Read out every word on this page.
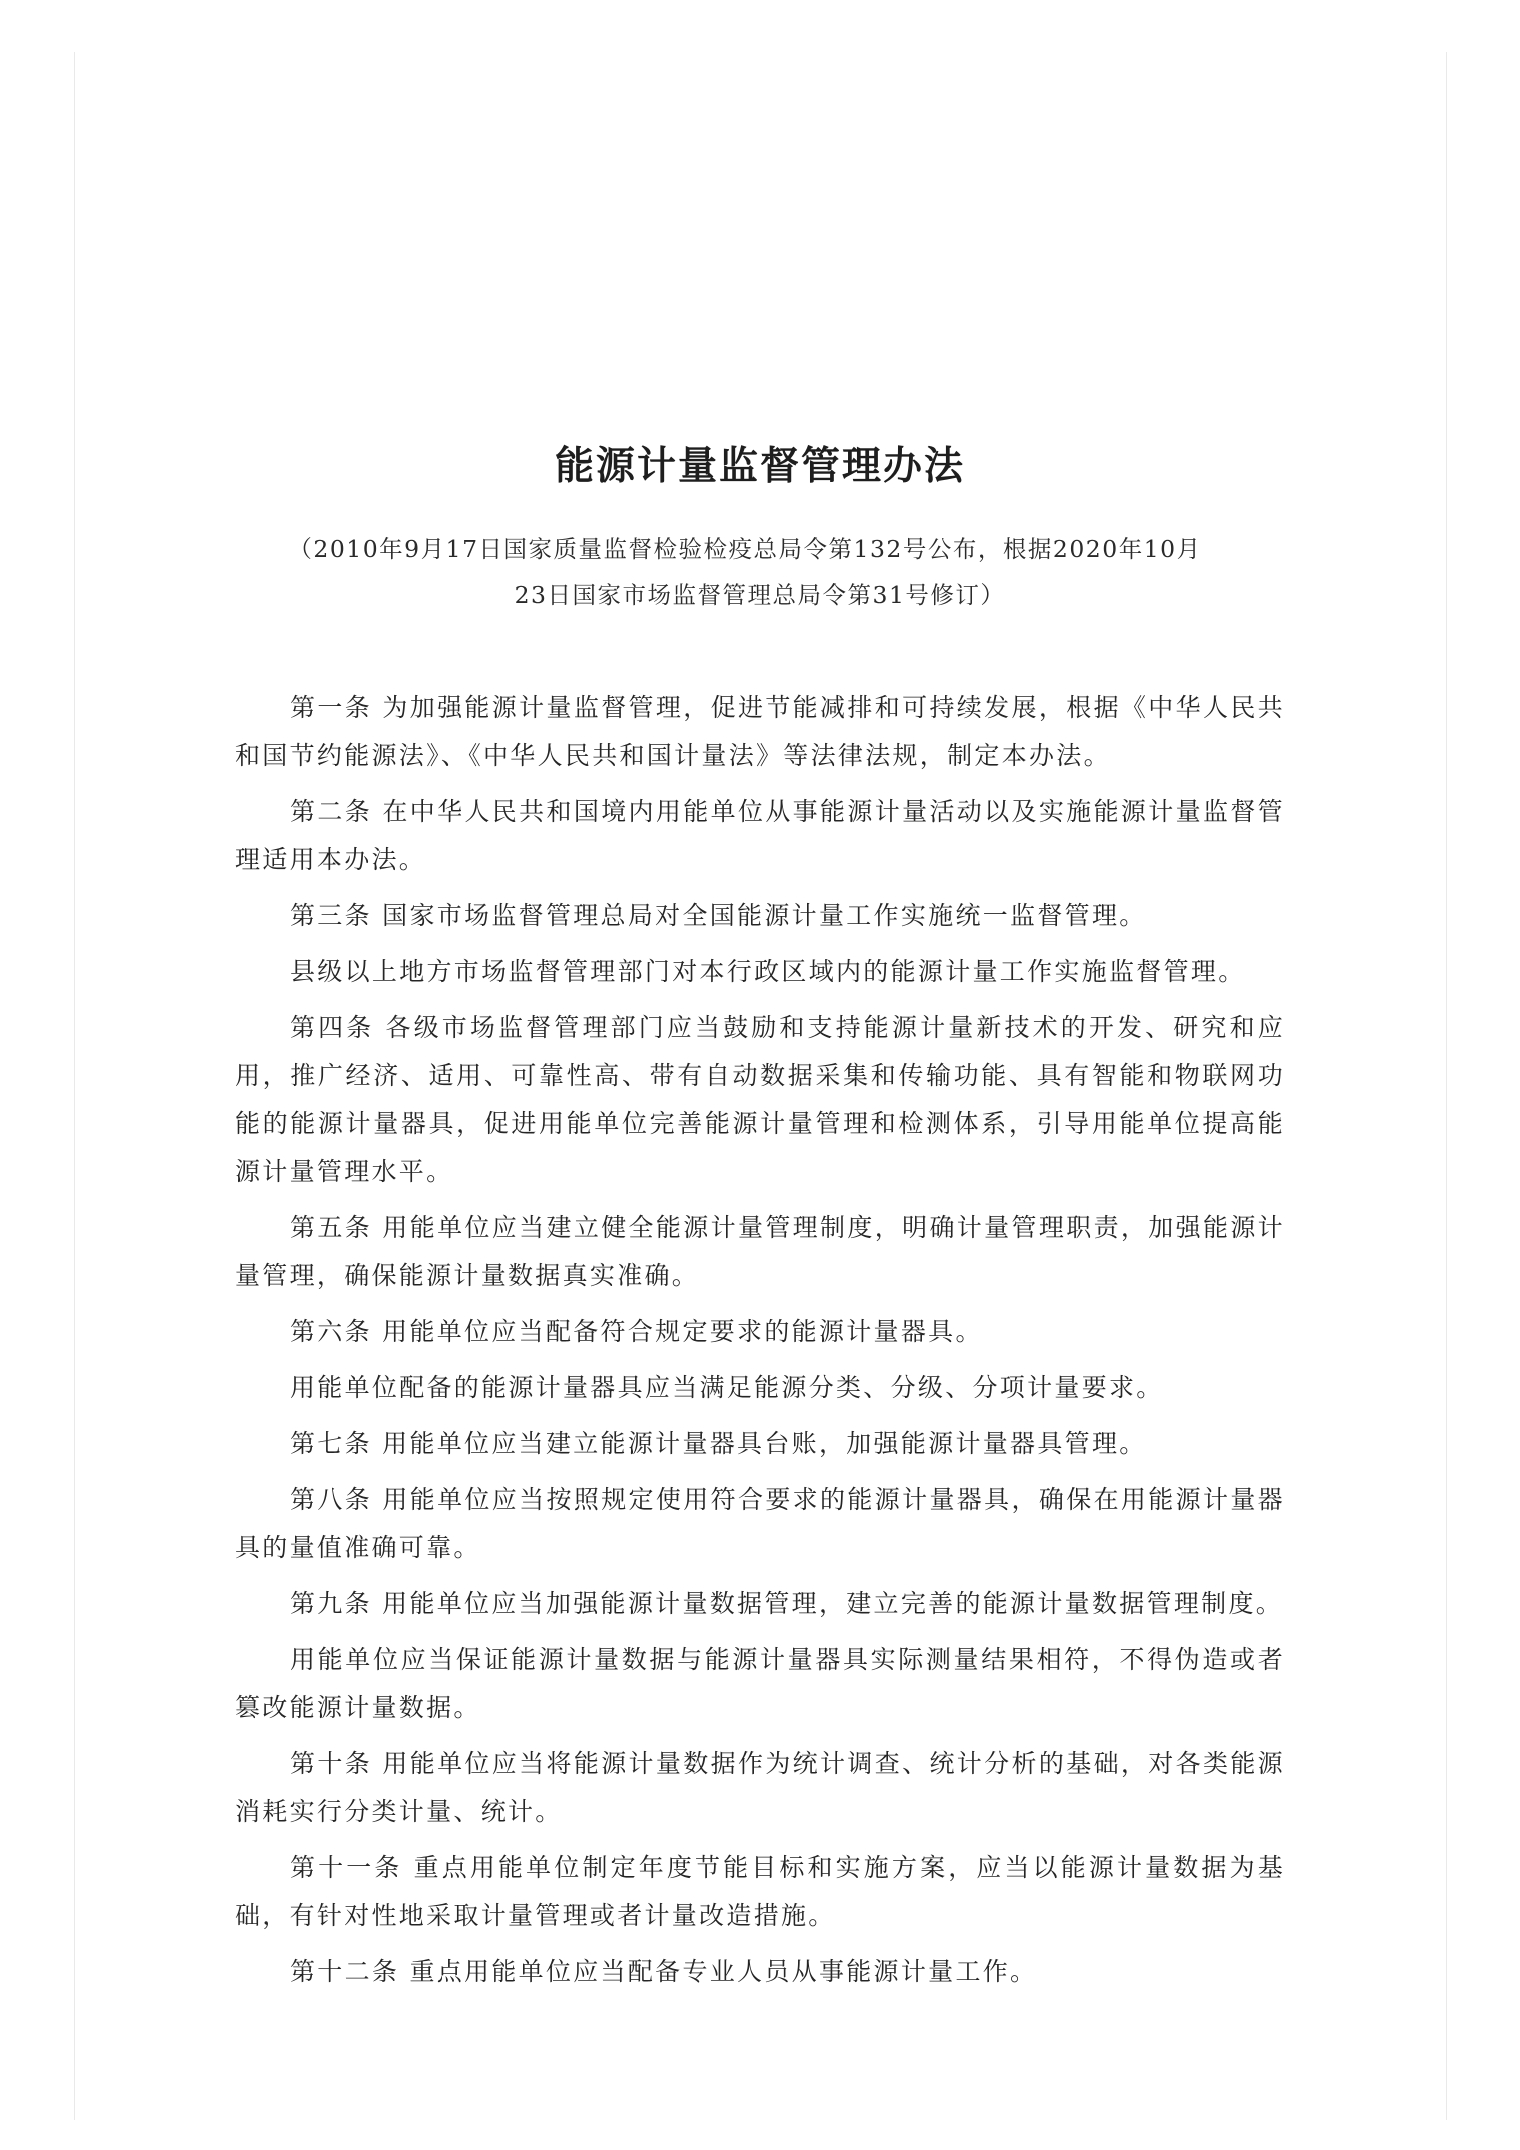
能源计量监督管理办法
（2010年9月17日国家质量监督检验检疫总局令第132号公布，根据2020年10月
23日国家市场监督管理总局令第31号修订）

第一条 为加强能源计量监督管理，促进节能减排和可持续发展，根据《中华人民共和国节约能源法》、《中华人民共和国计量法》等法律法规，制定本办法。

第二条 在中华人民共和国境内用能单位从事能源计量活动以及实施能源计量监督管理适用本办法。

第三条 国家市场监督管理总局对全国能源计量工作实施统一监督管理。

县级以上地方市场监督管理部门对本行政区域内的能源计量工作实施监督管理。

第四条 各级市场监督管理部门应当鼓励和支持能源计量新技术的开发、研究和应用，推广经济、适用、可靠性高、带有自动数据采集和传输功能、具有智能和物联网功能的能源计量器具，促进用能单位完善能源计量管理和检测体系，引导用能单位提高能源计量管理水平。

第五条 用能单位应当建立健全能源计量管理制度，明确计量管理职责，加强能源计量管理，确保能源计量数据真实准确。

第六条 用能单位应当配备符合规定要求的能源计量器具。

用能单位配备的能源计量器具应当满足能源分类、分级、分项计量要求。

第七条 用能单位应当建立能源计量器具台账，加强能源计量器具管理。

第八条 用能单位应当按照规定使用符合要求的能源计量器具，确保在用能源计量器具的量值准确可靠。

第九条 用能单位应当加强能源计量数据管理，建立完善的能源计量数据管理制度。

用能单位应当保证能源计量数据与能源计量器具实际测量结果相符，不得伪造或者篡改能源计量数据。

第十条 用能单位应当将能源计量数据作为统计调查、统计分析的基础，对各类能源消耗实行分类计量、统计。

第十一条 重点用能单位制定年度节能目标和实施方案，应当以能源计量数据为基础，有针对性地采取计量管理或者计量改造措施。

第十二条 重点用能单位应当配备专业人员从事能源计量工作。
